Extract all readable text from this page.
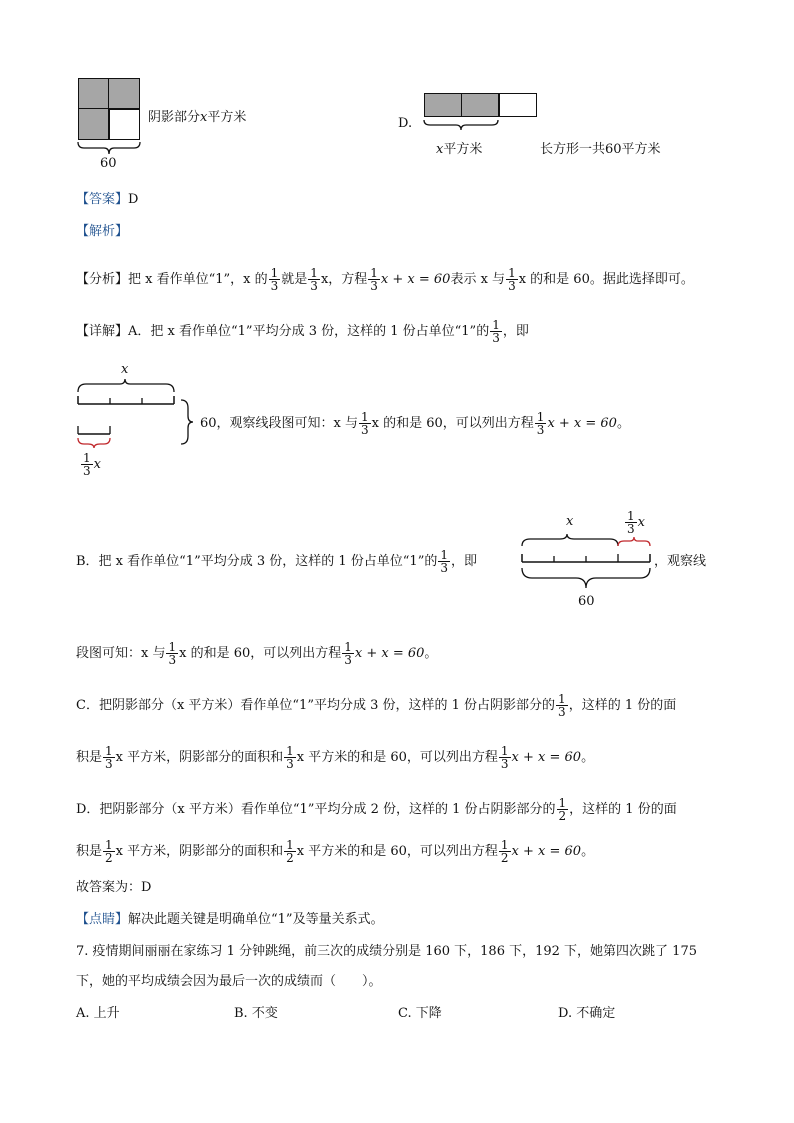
60
阴影部分x平方米	D.
x平方米	长方形一共60平方米
【答案】D
【解析】
【分析】把 x 看作单位“1”，x 的 $\frac{1}{3}$ 就是 $\frac{1}{3}$ x，方程 $\frac{1}{3}$ x + x = 60表示 x 与 $\frac{1}{3}$ x 的和是 60。据此选择即可。
【详解】A．把 x 看作单位“1”平均分成 3 份，这样的 1 份占单位“1”的 $\frac{1}{3}$ ，即
x
$\frac{1}{3}$ x
60，观察线段图可知：x 与 $\frac{1}{3}$ x 的和是 60，可以列出方程 $\frac{1}{3}$ x + x = 60。
B．把 x 看作单位“1”平均分成 3 份，这样的 1 份占单位“1”的 $\frac{1}{3}$ ，即
x	$\frac{1}{3}$ x
60
，观察线
段图可知：x 与 $\frac{1}{3}$ x 的和是 60，可以列出方程 $\frac{1}{3}$ x + x = 60。
C．把阴影部分（x 平方米）看作单位“1”平均分成 3 份，这样的 1 份占阴影部分的 $\frac{1}{3}$ ，这样的 1 份的面
积是 $\frac{1}{3}$ x 平方米，阴影部分的面积和 $\frac{1}{3}$ x 平方米的和是 60，可以列出方程 $\frac{1}{3}$ x + x = 60。
D．把阴影部分（x 平方米）看作单位“1”平均分成 2 份，这样的 1 份占阴影部分的 $\frac{1}{2}$ ，这样的 1 份的面
积是 $\frac{1}{2}$ x 平方米，阴影部分的面积和 $\frac{1}{2}$ x 平方米的和是 60，可以列出方程 $\frac{1}{2}$ x + x = 60。
故答案为：D
【点睛】解决此题关键是明确单位“1”及等量关系式。
7. 疫情期间丽丽在家练习 1 分钟跳绳，前三次的成绩分别是 160 下，186 下，192 下，她第四次跳了 175
下，她的平均成绩会因为最后一次的成绩而（　　）。
A. 上升	B. 不变	C. 下降	D. 不确定
